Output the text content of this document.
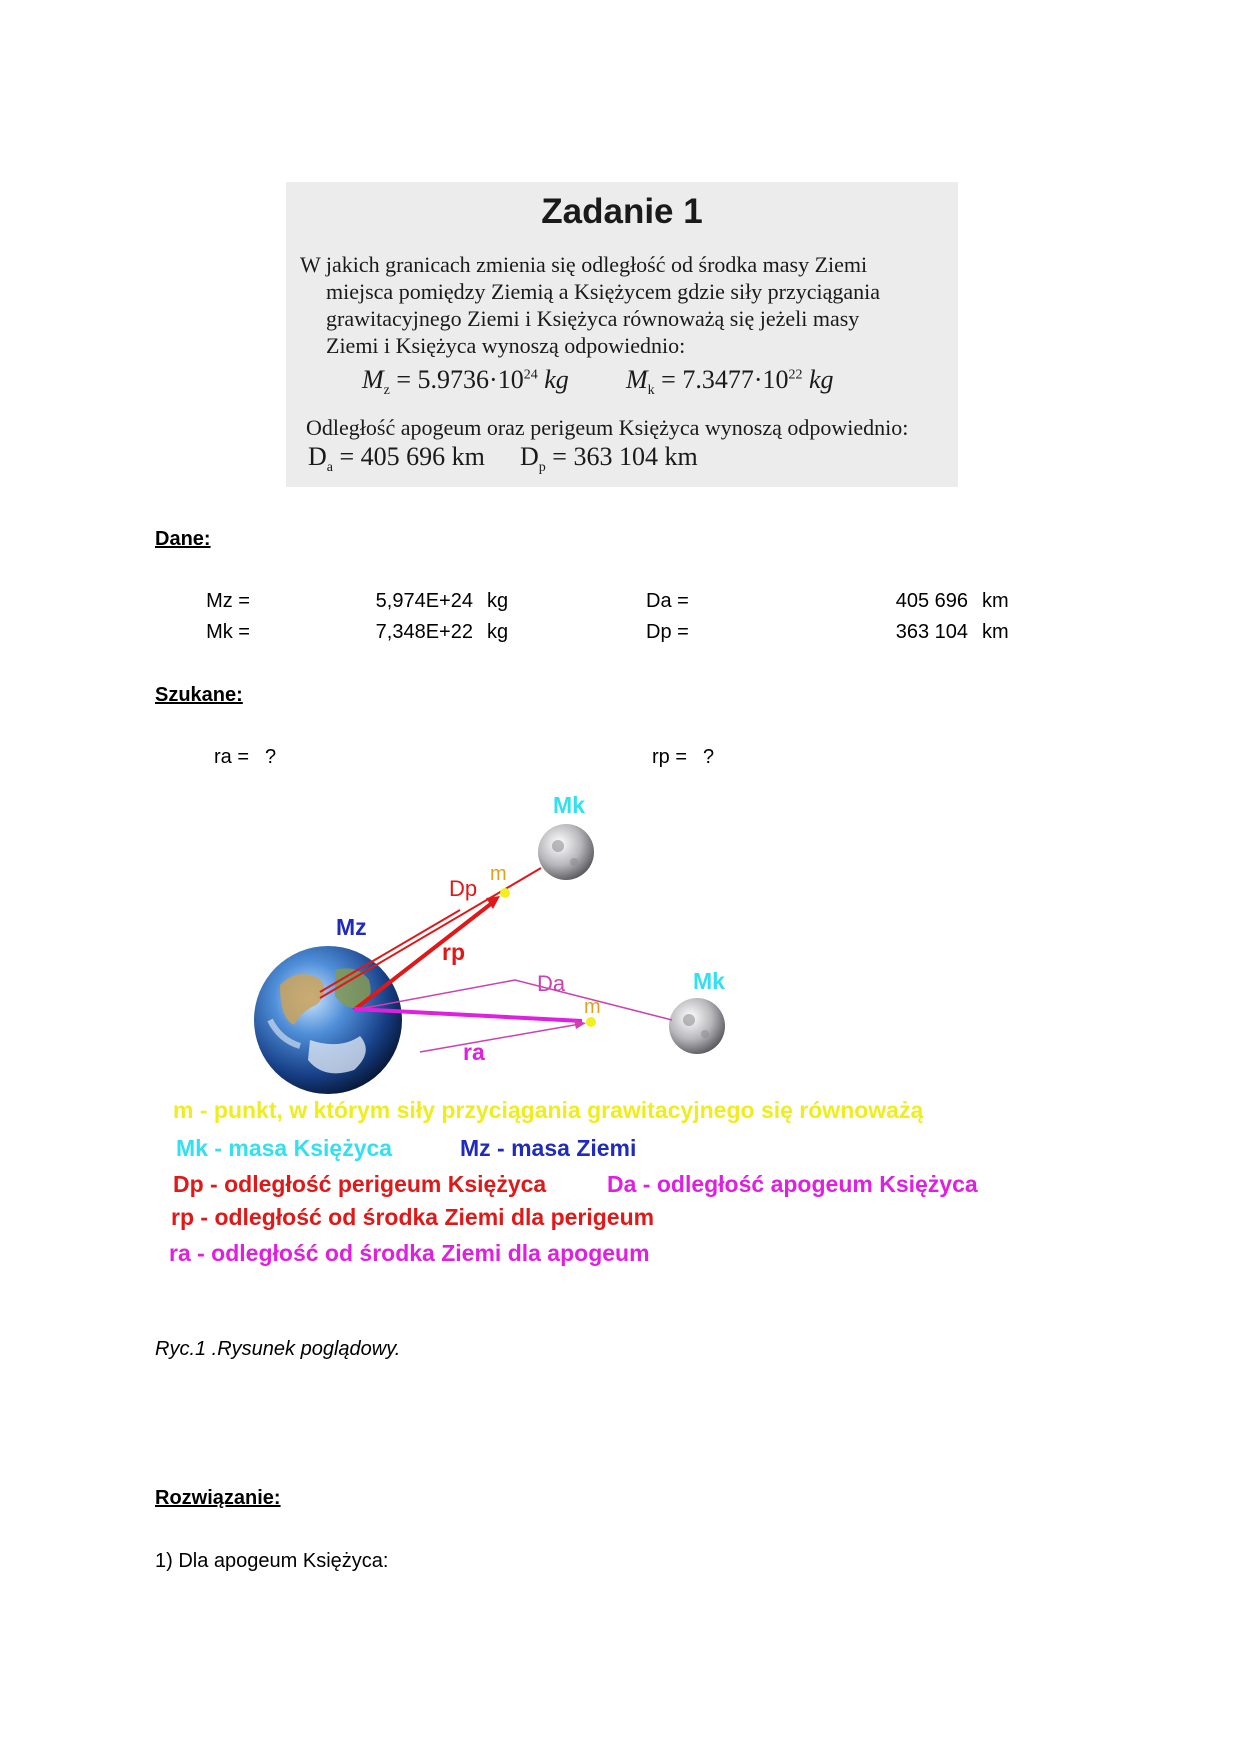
Zadanie 1
W jakich granicach zmienia się odległość od środka masy Ziemi
miejsca pomiędzy Ziemią a Księżycem gdzie siły przyciągania
grawitacyjnego Ziemi i Księżyca równoważą się jeżeli masy
Ziemi i Księżyca wynoszą odpowiednio:
$M_z = 5.9736\cdot 10^{24}$ kg $M_k = 7.3477\cdot 10^{22}$ kg
Odległość apogeum oraz perigeum Księżyca wynoszą odpowiednio:
$D_a = 405$ 696 km $D_p = 363$ 104 km
Dane:
Mz =	5,974E+24 kg	Da =	405 696 km
Mk =	7,348E+22 kg	Dp =	363 104 km
Szukane:
ra = ?	rp = ?
Mk
Mk
Mz
Dp
m
rp
Da
m
ra
m - punkt, w którym siły przyciągania grawitacyjnego się równoważą
Mk - masa Księżyca	Mz - masa Ziemi
Dp - odległość perigeum Księżyca	Da - odległość apogeum Księżyca
rp - odległość od środka Ziemi dla perigeum
ra - odległość od środka Ziemi dla apogeum
Ryc.1 .Rysunek poglądowy.
Rozwiązanie:
1) Dla apogeum Księżyca:
